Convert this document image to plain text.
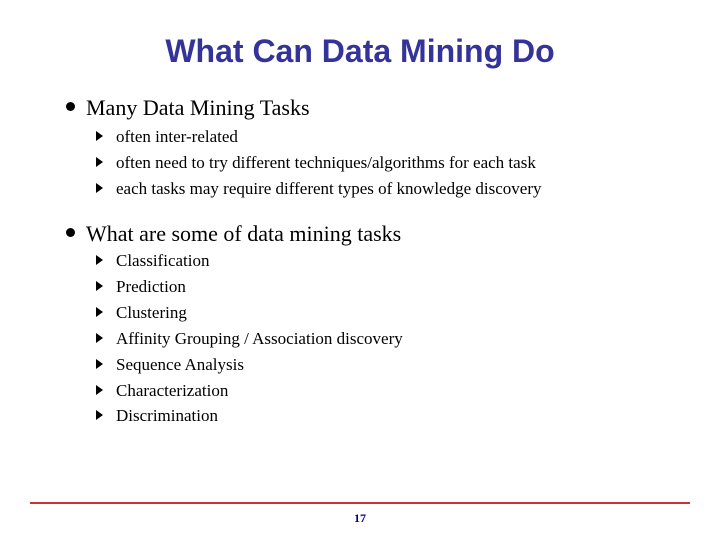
What Can Data Mining Do
Many Data Mining Tasks
often inter-related
often need to try different techniques/algorithms for each task
each tasks may require different types of knowledge discovery
What are some of data mining tasks
Classification
Prediction
Clustering
Affinity Grouping / Association discovery
Sequence Analysis
Characterization
Discrimination
17
